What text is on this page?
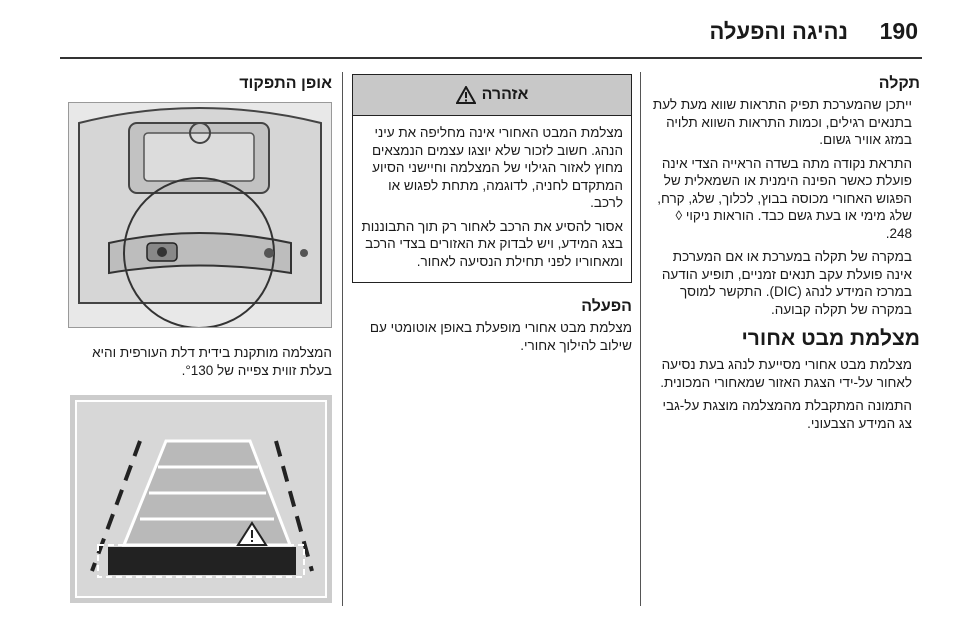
190
נהיגה והפעלה
תקלה

ייתכן שהמערכת תפיק התראות שווא מעת לעת בתנאים רגילים, וכמות התראות השווא תלויה במזג אוויר גשום.

התראת נקודה מתה בשדה הראייה הצדי אינה פועלת כאשר הפינה הימנית או השמאלית של הפגוש האחורי מכוסה בבוץ, לכלוך, שלג, קרח, שלג מימי או בעת גשם כבד. הוראות ניקוי ◊ 248.

במקרה של תקלה במערכת או אם המערכת אינה פועלת עקב תנאים זמניים, תופיע הודעה במרכז המידע לנהג (DIC). התקשר למוסך במקרה של תקלה קבועה.

מצלמת מבט אחורי

מצלמת מבט אחורי מסייעת לנהג בעת נסיעה לאחור על-ידי הצגת האזור שמאחורי המכונית.

התמונה המתקבלת מהמצלמה מוצגת על-גבי צג המידע הצבעוני.

אזהרה

מצלמת המבט האחורי אינה מחליפה את עיני הנהג. חשוב לזכור שלא יוצגו עצמים הנמצאים מחוץ לאזור הגילוי של המצלמה וחיישני הסיוע המתקדם לחניה, לדוגמה, מתחת לפגוש או לרכב.

אסור להסיע את הרכב לאחור רק תוך התבוננות בצג המידע, ויש לבדוק את האזורים בצדי הרכב ומאחוריו לפני תחילת הנסיעה לאחור.

הפעלה

מצלמת מבט אחורי מופעלת באופן אוטומטי עם שילוב להילוך אחורי.

אופן התפקוד

המצלמה מותקנת בידית דלת העורפית והיא בעלת זווית צפייה של °130.
